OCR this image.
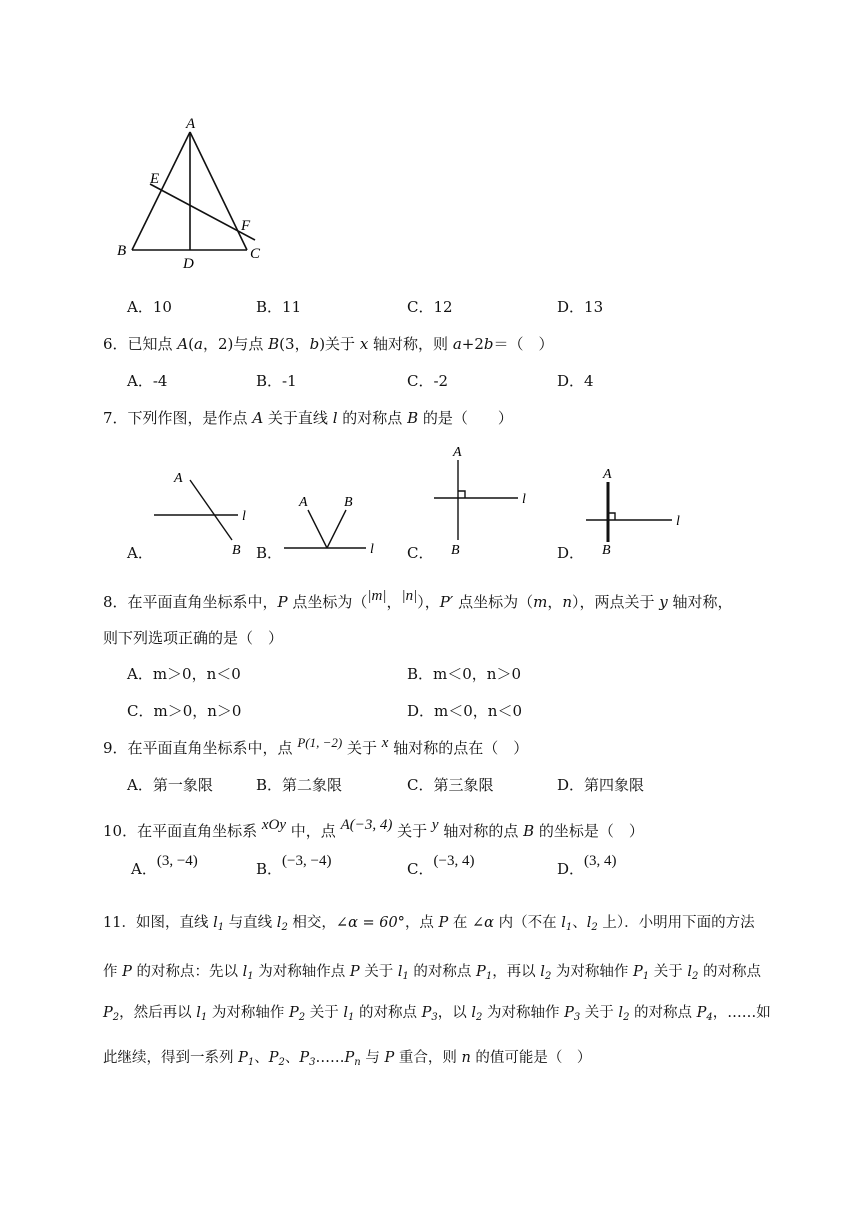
A
E
F
B	C
D
A．10	B．11	C．12	D．13
6．已知点 A(a，2)与点 B(3，b)关于 x 轴对称，则 a+2b＝（　）
A．-4	B．-1	C．-2	D．4
7．下列作图，是作点 A 关于直线 l 的对称点 B 的是（　　）
A．
A
l
B B．
A	B
l C．
A
l
B	D．
A
l
B
8．在平面直角坐标系中，P 点坐标为（|m|，|n|），P′ 点坐标为（m，n），两点关于 y 轴对称，
则下列选项正确的是（　）
A．m＞0，n＜0	B．m＜0，n＞0
C．m＞0，n＞0	D．m＜0，n＜0
9．在平面直角坐标系中，点 P(1, −2) 关于 x 轴对称的点在（　）
A．第一象限	B．第二象限	C．第三象限	D．第四象限
10．在平面直角坐标系 xOy 中，点 A(−3, 4) 关于 y 轴对称的点 B 的坐标是（　）
A．(3, −4)	B．(−3, −4)	C．(−3, 4)	D．(3, 4)
11．如图，直线 $l_1$ 与直线 $l_2$ 相交，∠α = 60°，点 P 在 ∠α 内（不在 $l_1$、$l_2$ 上）．小明用下面的方法
作 P 的对称点：先以 $l_1$ 为对称轴作点 P 关于 $l_1$ 的对称点 $P_1$，再以 $l_2$ 为对称轴作 $P_1$ 关于 $l_2$ 的对称点
$P_2$，然后再以 $l_1$ 为对称轴作 $P_2$ 关于 $l_1$ 的对称点 $P_3$，以 $l_2$ 为对称轴作 $P_3$ 关于 $l_2$ 的对称点 $P_4$，……如
此继续，得到一系列 $P_1$、$P_2$、$P_3\dots\dots P_n$ 与 P 重合，则 n 的值可能是（　）
